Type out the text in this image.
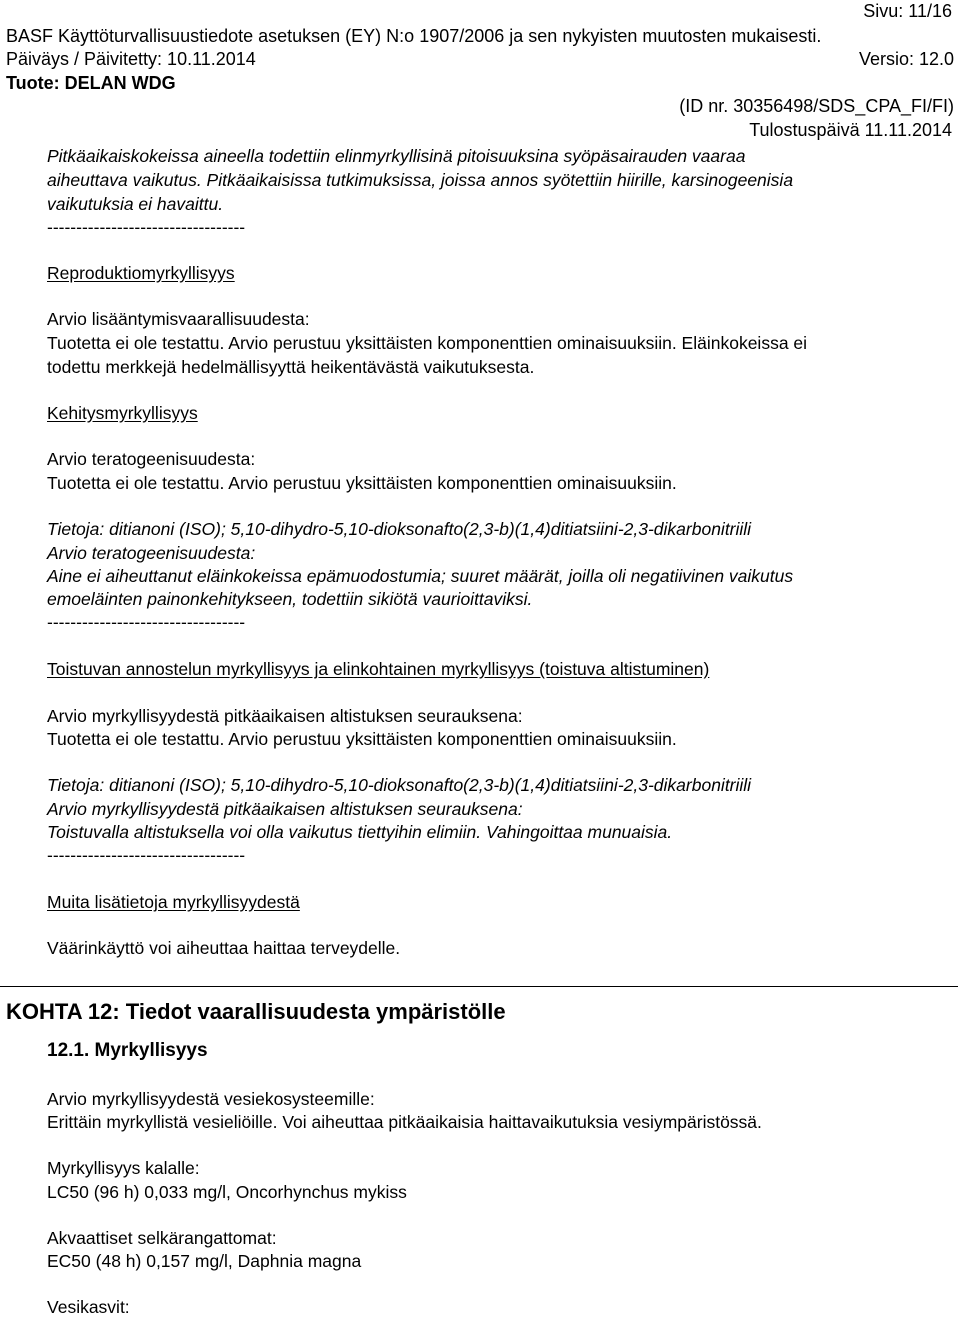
Sivu: 11/16
BASF Käyttöturvallisuustiedote asetuksen (EY) N:o 1907/2006 ja sen nykyisten muutosten mukaisesti.
Päiväys / Päivitetty: 10.11.2014	Versio: 12.0
Tuote: DELAN WDG
(ID nr. 30356498/SDS_CPA_FI/FI)
Tulostuspäivä 11.11.2014
Pitkäaikaiskokeissa aineella todettiin elinmyrkyllisinä pitoisuuksina syöpäsairauden vaaraa
aiheuttava vaikutus. Pitkäaikaisissa tutkimuksissa, joissa annos syötettiin hiirille, karsinogeenisia
vaikutuksia ei havaittu.
----------------------------------
Reproduktiomyrkyllisyys
Arvio lisääntymisvaarallisuudesta:
Tuotetta ei ole testattu. Arvio perustuu yksittäisten komponenttien ominaisuuksiin. Eläinkokeissa ei
todettu merkkejä hedelmällisyyttä heikentävästä vaikutuksesta.
Kehitysmyrkyllisyys
Arvio teratogeenisuudesta:
Tuotetta ei ole testattu. Arvio perustuu yksittäisten komponenttien ominaisuuksiin.
Tietoja: ditianoni (ISO); 5,10-dihydro-5,10-dioksonafto(2,3-b)(1,4)ditiatsiini-2,3-dikarbonitriili
Arvio teratogeenisuudesta:
Aine ei aiheuttanut eläinkokeissa epämuodostumia; suuret määrät, joilla oli negatiivinen vaikutus
emoeläinten painonkehitykseen, todettiin sikiötä vaurioittaviksi.
----------------------------------
Toistuvan annostelun myrkyllisyys ja elinkohtainen myrkyllisyys (toistuva altistuminen)
Arvio myrkyllisyydestä pitkäaikaisen altistuksen seurauksena:
Tuotetta ei ole testattu. Arvio perustuu yksittäisten komponenttien ominaisuuksiin.
Tietoja: ditianoni (ISO); 5,10-dihydro-5,10-dioksonafto(2,3-b)(1,4)ditiatsiini-2,3-dikarbonitriili
Arvio myrkyllisyydestä pitkäaikaisen altistuksen seurauksena:
Toistuvalla altistuksella voi olla vaikutus tiettyihin elimiin. Vahingoittaa munuaisia.
----------------------------------
Muita lisätietoja myrkyllisyydestä
Väärinkäyttö voi aiheuttaa haittaa terveydelle.
KOHTA 12: Tiedot vaarallisuudesta ympäristölle
12.1. Myrkyllisyys
Arvio myrkyllisyydestä vesiekosysteemille:
Erittäin myrkyllistä vesieliöille. Voi aiheuttaa pitkäaikaisia haittavaikutuksia vesiympäristössä.
Myrkyllisyys kalalle:
LC50 (96 h) 0,033 mg/l, Oncorhynchus mykiss
Akvaattiset selkärangattomat:
EC50 (48 h) 0,157 mg/l, Daphnia magna
Vesikasvit:
